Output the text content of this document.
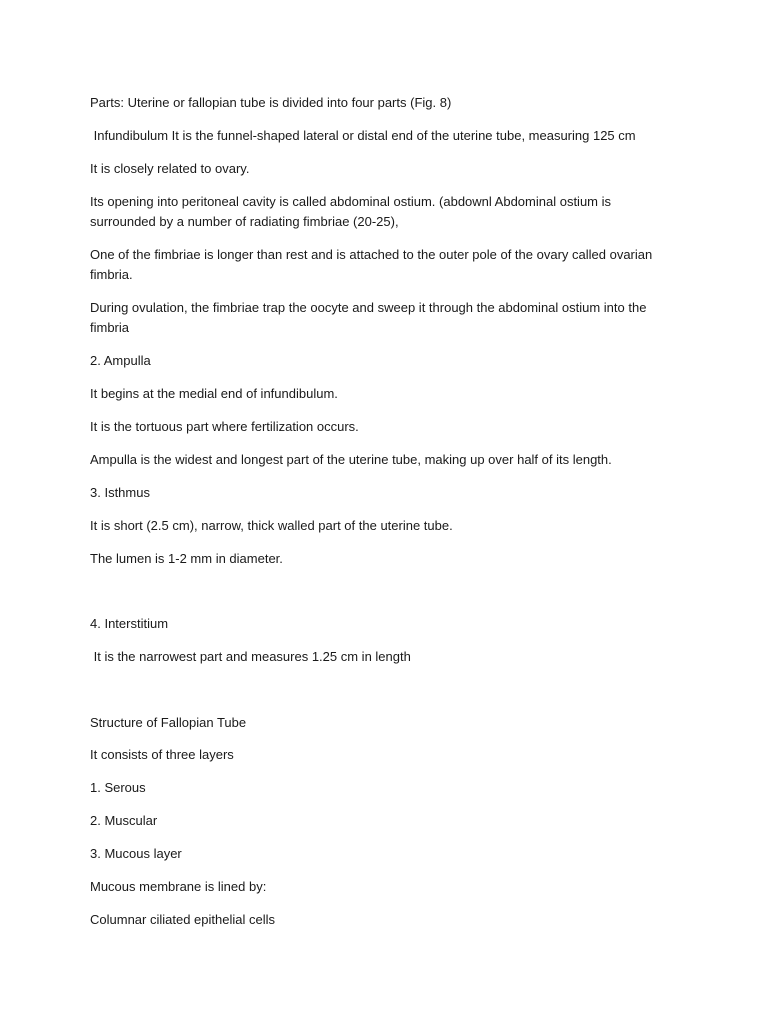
Parts: Uterine or fallopian tube is divided into four parts (Fig. 8)

Infundibulum It is the funnel-shaped lateral or distal end of the uterine tube, measuring 125 cm

It is closely related to ovary.

Its opening into peritoneal cavity is called abdominal ostium. (abdownl Abdominal ostium is surrounded by a number of radiating fimbriae (20-25),

One of the fimbriae is longer than rest and is attached to the outer pole of the ovary called ovarian fimbria.

During ovulation, the fimbriae trap the oocyte and sweep it through the abdominal ostium into the fimbria

2. Ampulla

It begins at the medial end of infundibulum.

It is the tortuous part where fertilization occurs.

Ampulla is the widest and longest part of the uterine tube, making up over half of its length.

3. Isthmus

It is short (2.5 cm), narrow, thick walled part of the uterine tube.

The lumen is 1-2 mm in diameter.

4. Interstitium

It is the narrowest part and measures 1.25 cm in length

Structure of Fallopian Tube

It consists of three layers

1. Serous

2. Muscular

3. Mucous layer

Mucous membrane is lined by:

Columnar ciliated epithelial cells
